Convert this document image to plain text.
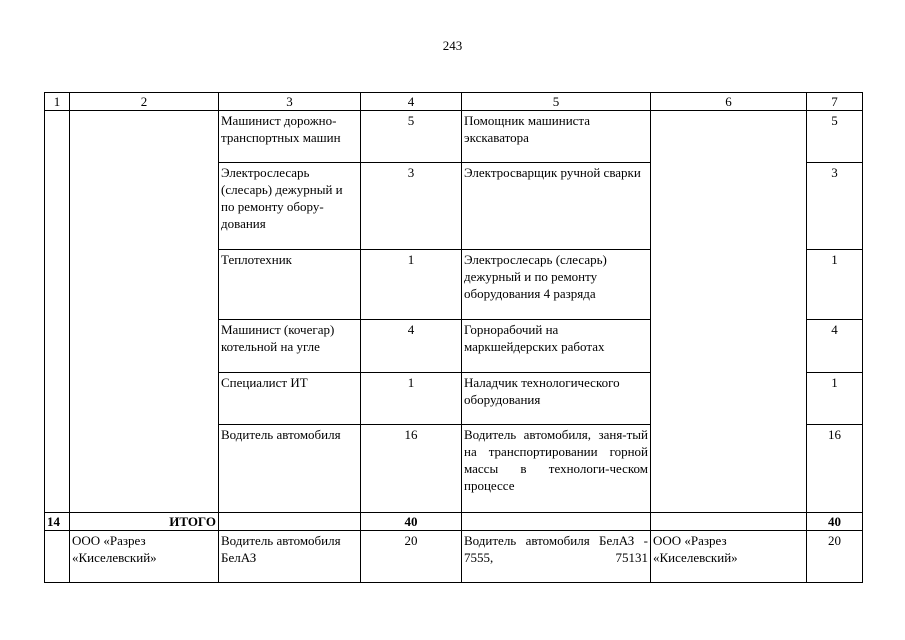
243
1	2	3	4	5	6	7
		Машинист дорожно-транспортных машин	5	Помощник машиниста экскаватора		5
		Электрослесарь (слесарь) дежурный и по ремонту обору-дования	3	Электросварщик ручной сварки		3
		Теплотехник	1	Электрослесарь (слесарь) дежурный и по ремонту оборудования 4 разряда		1
		Машинист (кочегар) котельной на угле	4	Горнорабочий на маркшейдерских работах		4
		Специалист ИТ	1	Наладчик технологического оборудования		1
		Водитель автомобиля	16	Водитель автомобиля, заня-тый на транспортировании горной массы в технологи-ческом процессе		16
14	ИТОГО		40			40
	ООО «Разрез «Киселевский»	Водитель автомобиля БелАЗ	20	Водитель автомобиля БелАЗ - 7555, 75131	ООО «Разрез «Киселевский»	20
